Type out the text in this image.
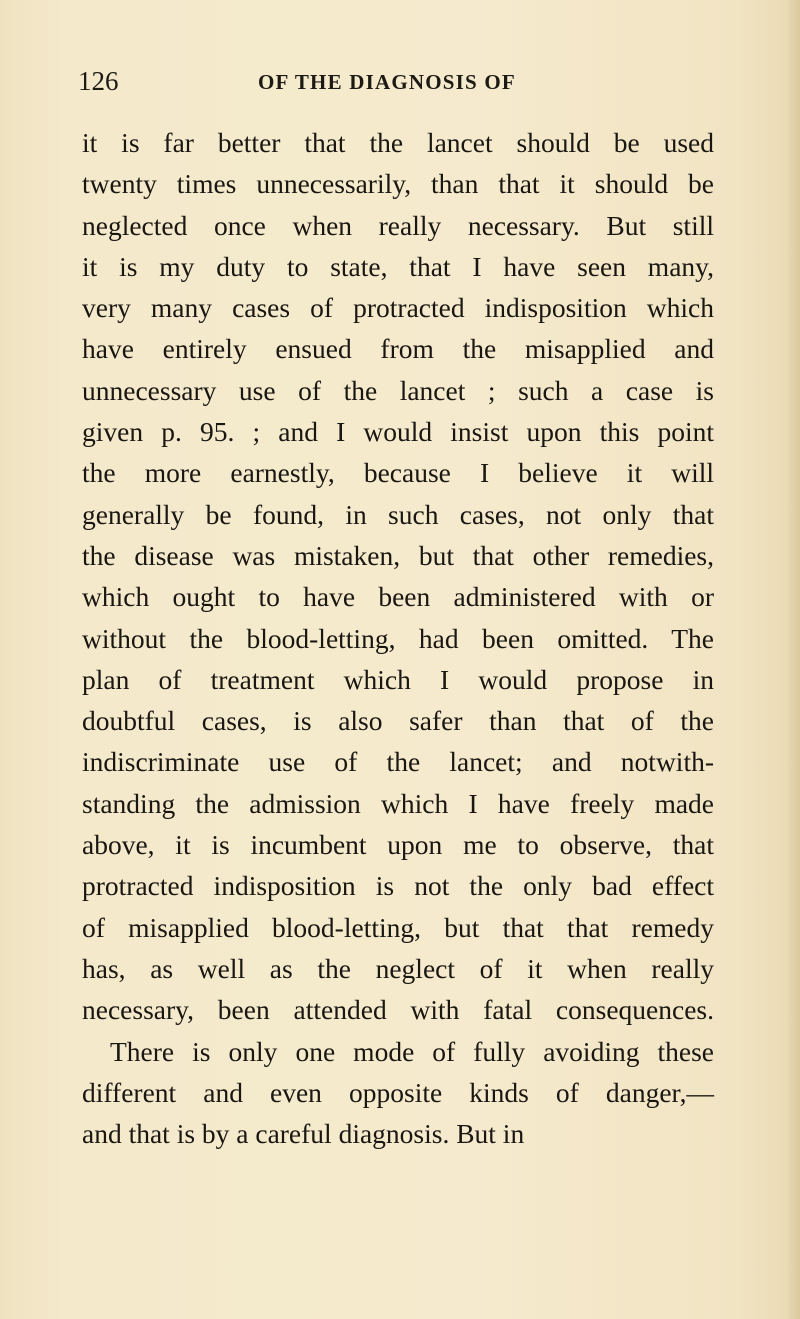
126	OF THE DIAGNOSIS OF
it is far better that the lancet should be used
twenty times unnecessarily, than that it should be
neglected once when really necessary. But still
it is my duty to state, that I have seen many,
very many cases of protracted indisposition which
have entirely ensued from the misapplied and
unnecessary use of the lancet ; such a case is
given p. 95. ; and I would insist upon this point
the more earnestly, because I believe it will
generally be found, in such cases, not only that
the disease was mistaken, but that other remedies,
which ought to have been administered with or
without the blood-letting, had been omitted. The
plan of treatment which I would propose in
doubtful cases, is also safer than that of the
indiscriminate use of the lancet; and notwith-
standing the admission which I have freely made
above, it is incumbent upon me to observe, that
protracted indisposition is not the only bad effect
of misapplied blood-letting, but that that remedy
has, as well as the neglect of it when really
necessary, been attended with fatal consequences.
There is only one mode of fully avoiding these
different and even opposite kinds of danger,—
and that is by a careful diagnosis. But in
